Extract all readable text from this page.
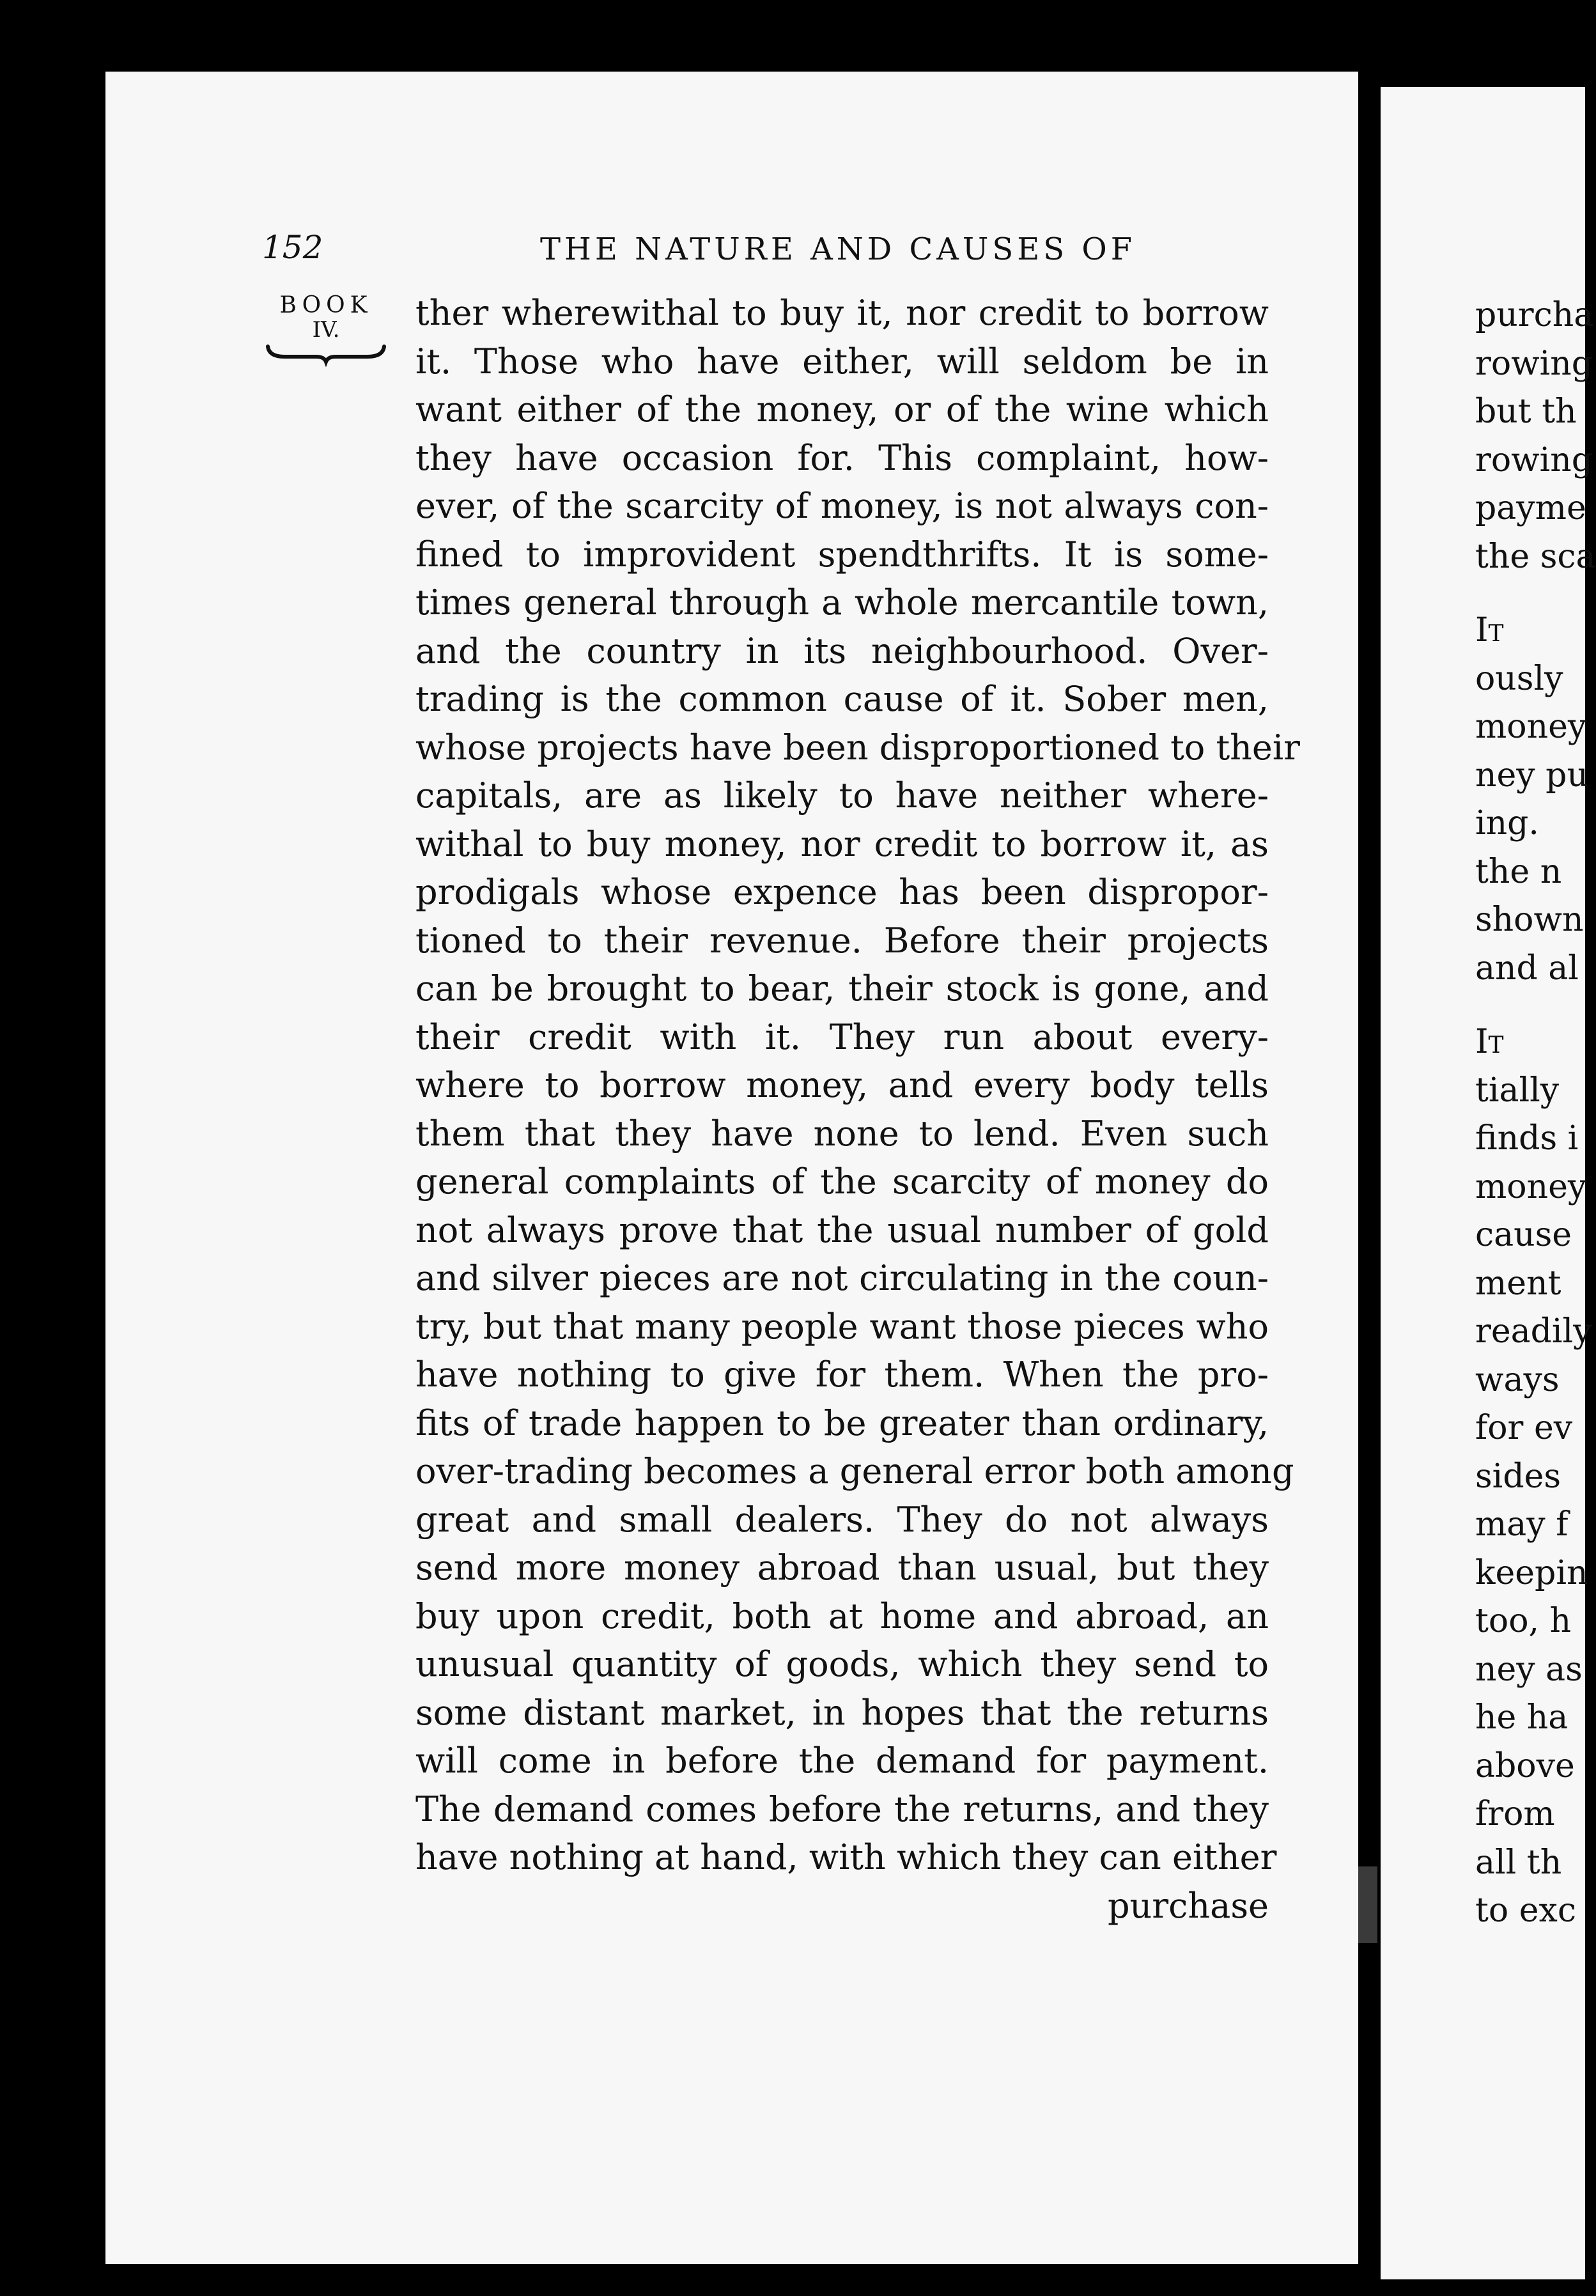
152	THE NATURE AND CAUSES OF
BOOK
IV.	ther wherewithal to buy it, nor credit to borrow
it. Those who have either, will seldom be in
want either of the money, or of the wine which
they have occasion for. This complaint, how-
ever, of the scarcity of money, is not always con-
fined to improvident spendthrifts. It is some-
times general through a whole mercantile town,
and the country in its neighbourhood. Over-
trading is the common cause of it. Sober men,
whose projects have been disproportioned to their
capitals, are as likely to have neither where-
withal to buy money, nor credit to borrow it, as
prodigals whose expence has been dispropor-
tioned to their revenue. Before their projects
can be brought to bear, their stock is gone, and
their credit with it. They run about every-
where to borrow money, and every body tells
them that they have none to lend. Even such
general complaints of the scarcity of money do
not always prove that the usual number of gold
and silver pieces are not circulating in the coun-
try, but that many people want those pieces who
have nothing to give for them. When the pro-
fits of trade happen to be greater than ordinary,
over-trading becomes a general error both among
great and small dealers. They do not always
send more money abroad than usual, but they
buy upon credit, both at home and abroad, an
unusual quantity of goods, which they send to
some distant market, in hopes that the returns
will come in before the demand for payment.
The demand comes before the returns, and they
have nothing at hand, with which they can either
purchase
purcha
rowing
but th
rowing
payme
the sca
It
ously
money
ney pu
ing.
the n
shown
and al
It
tially
finds i
money
cause
ment
readily
ways
for ev
sides
may f
keepin
too, h
ney as
he ha
above
from
all th
to exc
